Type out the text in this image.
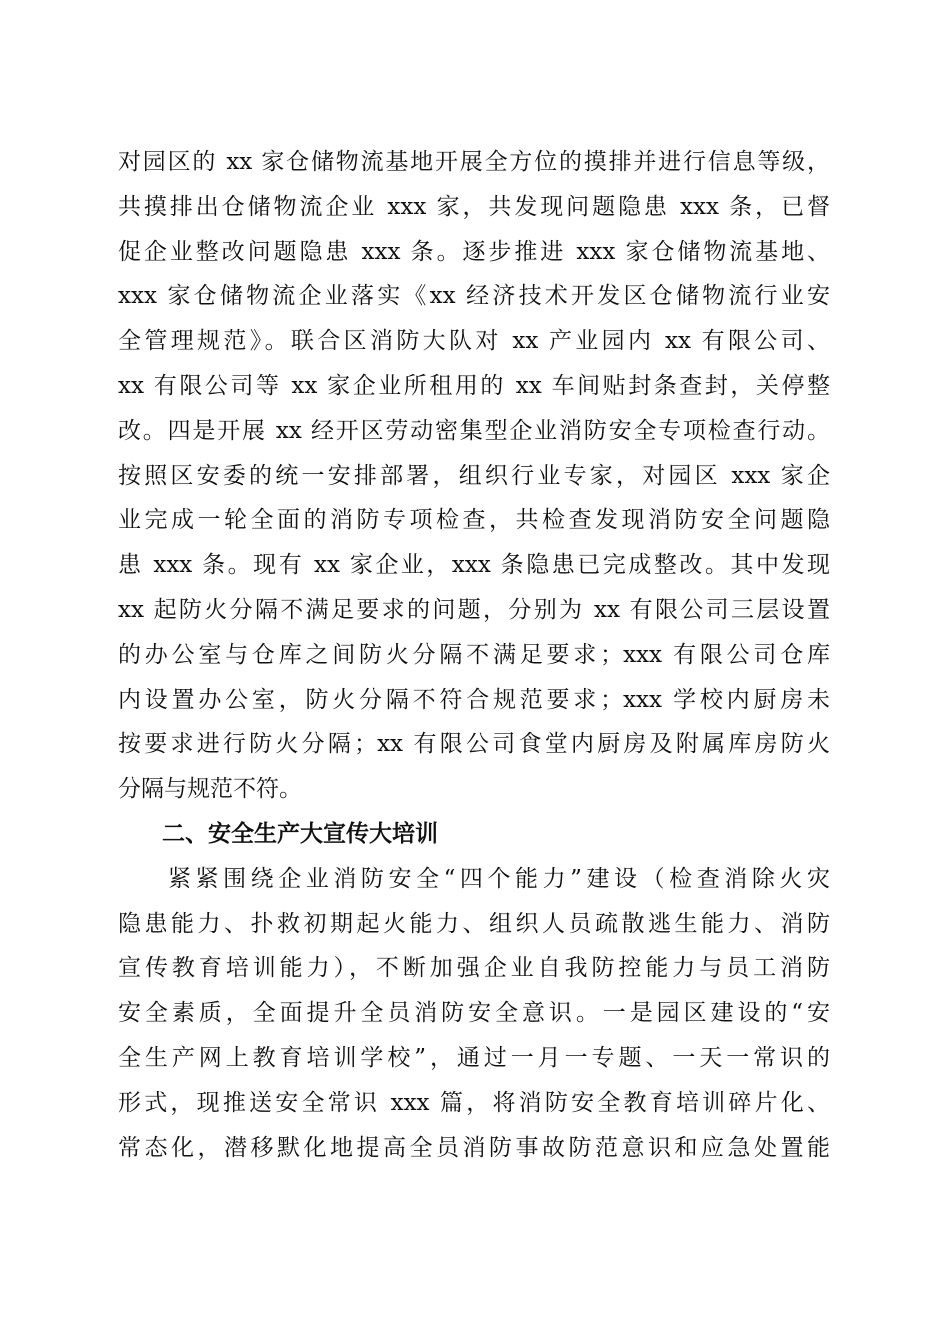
对园区的 xx 家仓储物流基地开展全方位的摸排并进行信息等级，
共摸排出仓储物流企业 xxx 家，共发现问题隐患 xxx 条，已督
促企业整改问题隐患 xxx 条。逐步推进 xxx 家仓储物流基地、
xxx 家仓储物流企业落实《xx 经济技术开发区仓储物流行业安
全管理规范》。联合区消防大队对 xx 产业园内 xx 有限公司、
xx 有限公司等 xx 家企业所租用的 xx 车间贴封条查封，关停整
改。四是开展 xx 经开区劳动密集型企业消防安全专项检查行动。
按照区安委的统一安排部署，组织行业专家，对园区 xxx 家企
业完成一轮全面的消防专项检查，共检查发现消防安全问题隐
患 xxx 条。现有 xx 家企业，xxx 条隐患已完成整改。其中发现
xx 起防火分隔不满足要求的问题，分别为 xx 有限公司三层设置
的办公室与仓库之间防火分隔不满足要求；xxx 有限公司仓库
内设置办公室，防火分隔不符合规范要求；xxx 学校内厨房未
按要求进行防火分隔；xx 有限公司食堂内厨房及附属库房防火
分隔与规范不符。
二、安全生产大宣传大培训
紧紧围绕企业消防安全“四个能力”建设（检查消除火灾
隐患能力、扑救初期起火能力、组织人员疏散逃生能力、消防
宣传教育培训能力），不断加强企业自我防控能力与员工消防
安全素质，全面提升全员消防安全意识。一是园区建设的“安
全生产网上教育培训学校”，通过一月一专题、一天一常识的
形式，现推送安全常识 xxx 篇，将消防安全教育培训碎片化、
常态化，潜移默化地提高全员消防事故防范意识和应急处置能
